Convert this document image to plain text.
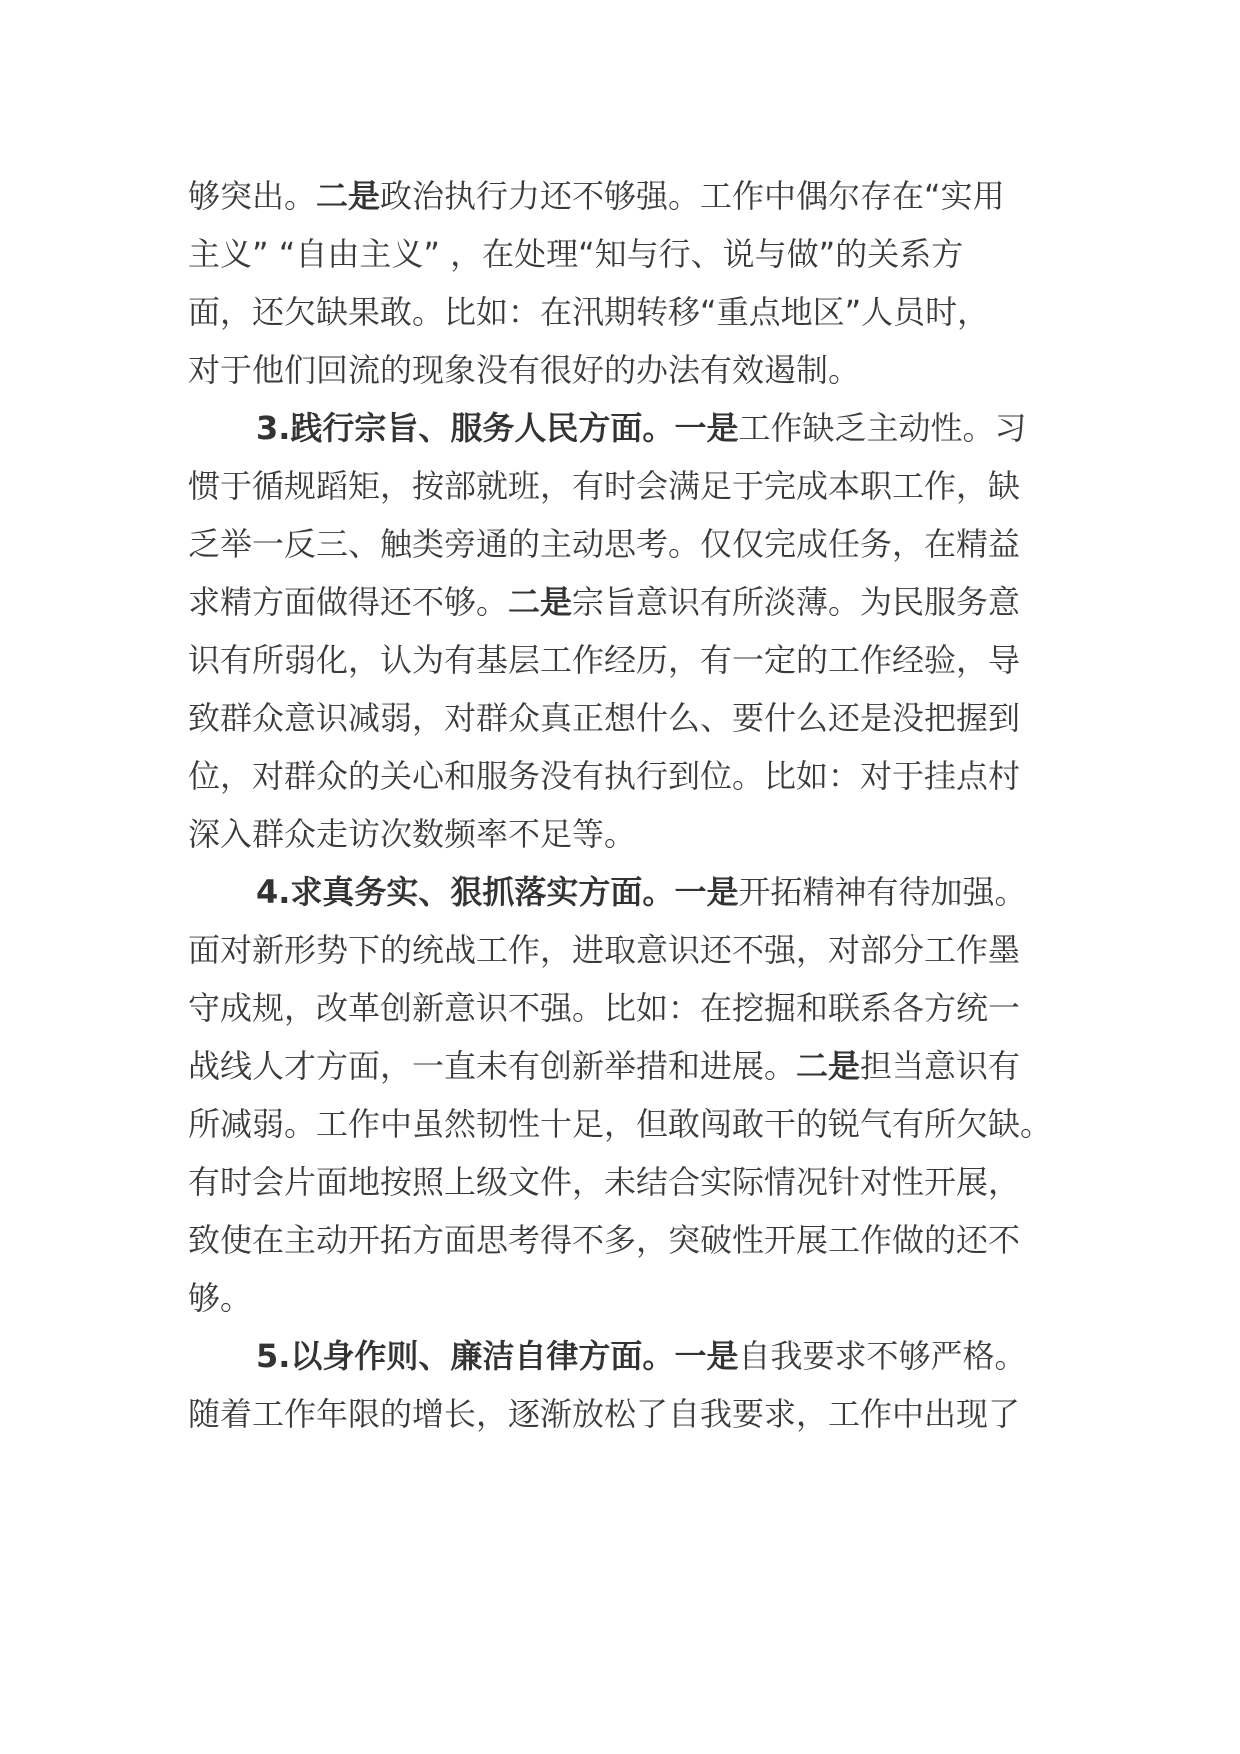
够突出。二是政治执行力还不够强。工作中偶尔存在“实用
主义” “自由主义” ，在处理“知与行、说与做”的关系方
面，还欠缺果敢。比如：在汛期转移“重点地区”人员时，
对于他们回流的现象没有很好的办法有效遏制。
3.践行宗旨、服务人民方面。一是工作缺乏主动性。习
惯于循规蹈矩，按部就班，有时会满足于完成本职工作，缺
乏举一反三、触类旁通的主动思考。仅仅完成任务，在精益
求精方面做得还不够。二是宗旨意识有所淡薄。为民服务意
识有所弱化，认为有基层工作经历，有一定的工作经验，导
致群众意识减弱，对群众真正想什么、要什么还是没把握到
位，对群众的关心和服务没有执行到位。比如：对于挂点村
深入群众走访次数频率不足等。
4.求真务实、狠抓落实方面。一是开拓精神有待加强。
面对新形势下的统战工作，进取意识还不强，对部分工作墨
守成规，改革创新意识不强。比如：在挖掘和联系各方统一
战线人才方面，一直未有创新举措和进展。二是担当意识有
所减弱。工作中虽然韧性十足，但敢闯敢干的锐气有所欠缺。
有时会片面地按照上级文件，未结合实际情况针对性开展，
致使在主动开拓方面思考得不多，突破性开展工作做的还不
够。
5.以身作则、廉洁自律方面。一是自我要求不够严格。
随着工作年限的增长，逐渐放松了自我要求，工作中出现了
